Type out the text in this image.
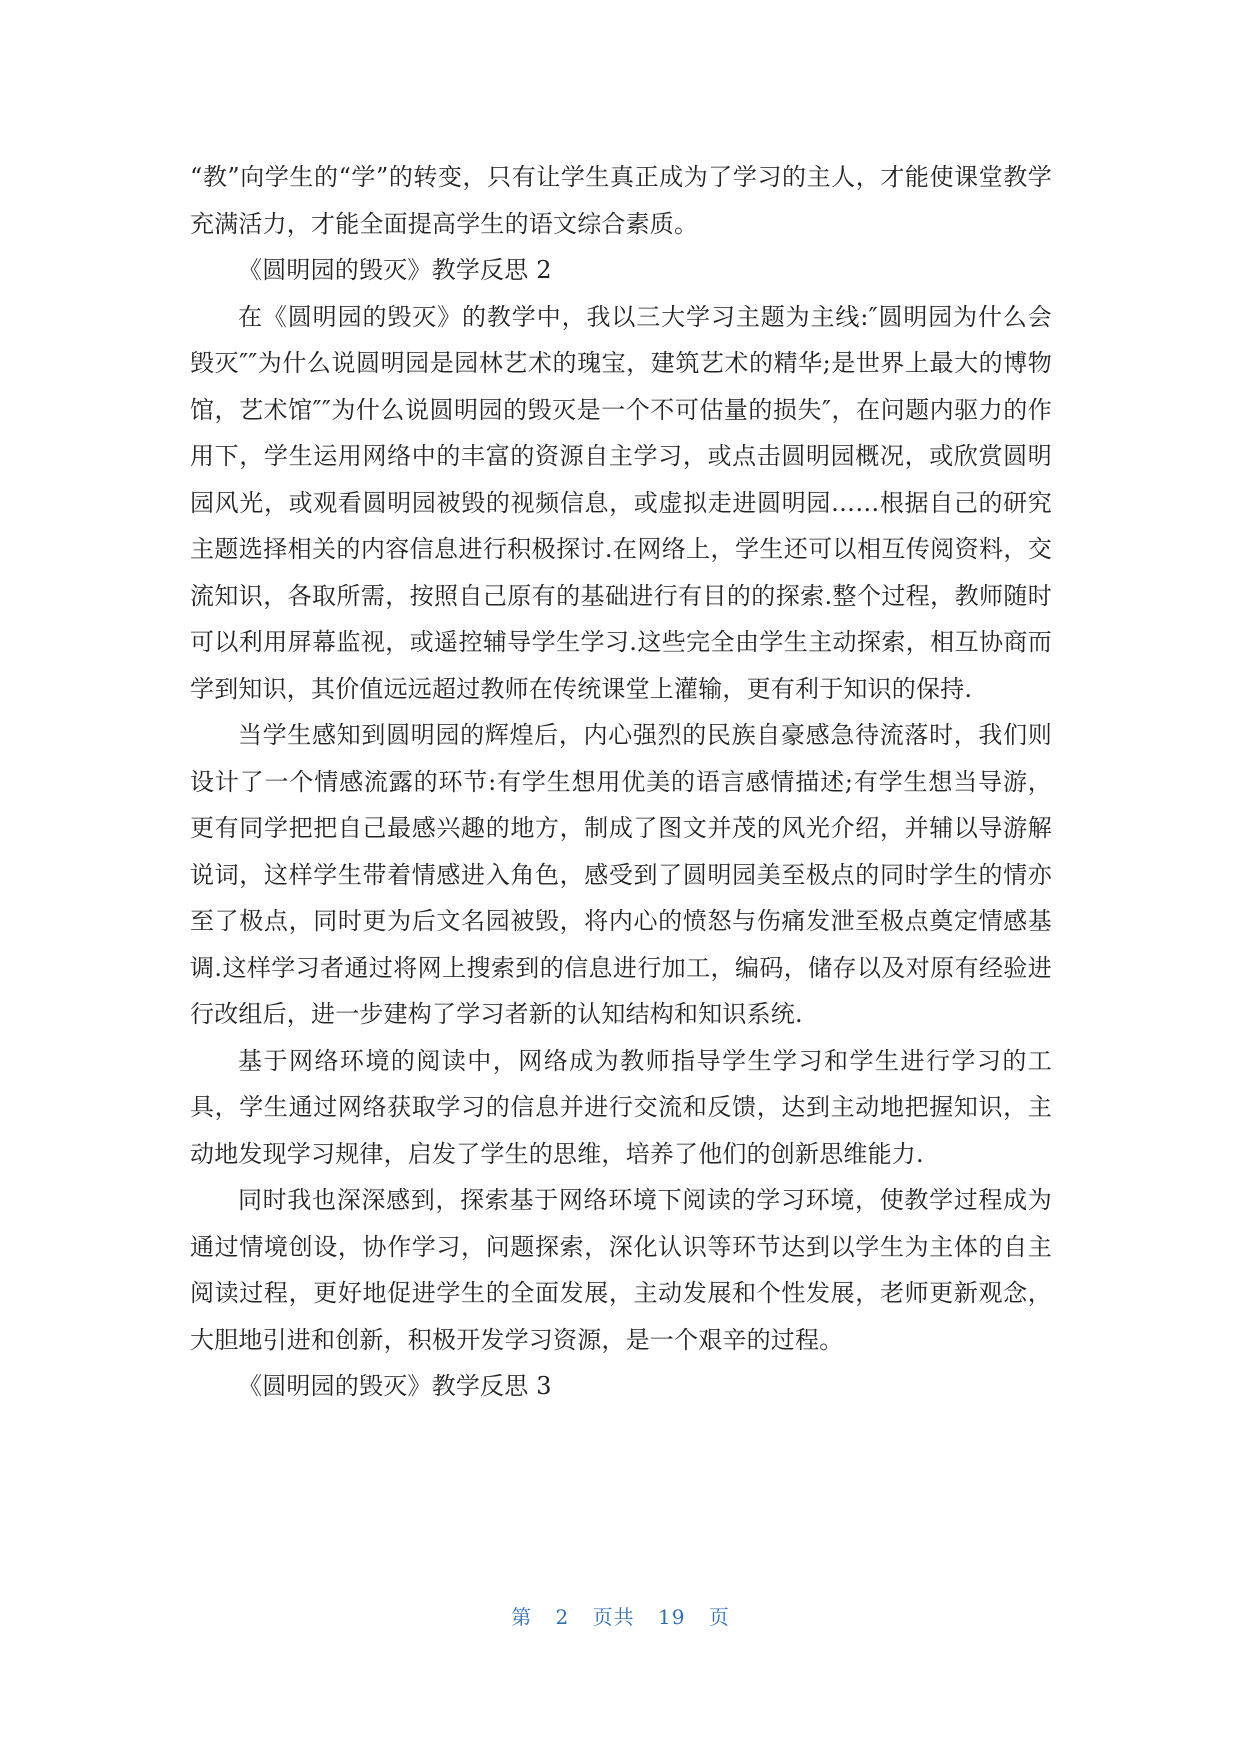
“教”向学生的“学”的转变，只有让学生真正成为了学习的主人，才能使课堂教学充满活力，才能全面提高学生的语文综合素质。

《圆明园的毁灭》教学反思 2

在《圆明园的毁灭》的教学中，我以三大学习主题为主线:″圆明园为什么会毁灭″″为什么说圆明园是园林艺术的瑰宝，建筑艺术的精华;是世界上最大的博物馆，艺术馆″″为什么说圆明园的毁灭是一个不可估量的损失″，在问题内驱力的作用下，学生运用网络中的丰富的资源自主学习，或点击圆明园概况，或欣赏圆明园风光，或观看圆明园被毁的视频信息，或虚拟走进圆明园……根据自己的研究主题选择相关的内容信息进行积极探讨.在网络上，学生还可以相互传阅资料，交流知识，各取所需，按照自己原有的基础进行有目的的探索.整个过程，教师随时可以利用屏幕监视，或遥控辅导学生学习.这些完全由学生主动探索，相互协商而学到知识，其价值远远超过教师在传统课堂上灌输，更有利于知识的保持.

当学生感知到圆明园的辉煌后，内心强烈的民族自豪感急待流落时，我们则设计了一个情感流露的环节:有学生想用优美的语言感情描述;有学生想当导游，更有同学把把自己最感兴趣的地方，制成了图文并茂的风光介绍，并辅以导游解说词，这样学生带着情感进入角色，感受到了圆明园美至极点的同时学生的情亦至了极点，同时更为后文名园被毁，将内心的愤怒与伤痛发泄至极点奠定情感基调.这样学习者通过将网上搜索到的信息进行加工，编码，储存以及对原有经验进行改组后，进一步建构了学习者新的认知结构和知识系统.

基于网络环境的阅读中，网络成为教师指导学生学习和学生进行学习的工具，学生通过网络获取学习的信息并进行交流和反馈，达到主动地把握知识，主动地发现学习规律，启发了学生的思维，培养了他们的创新思维能力.

同时我也深深感到，探索基于网络环境下阅读的学习环境，使教学过程成为通过情境创设，协作学习，问题探索，深化认识等环节达到以学生为主体的自主阅读过程，更好地促进学生的全面发展，主动发展和个性发展，老师更新观念，大胆地引进和创新，积极开发学习资源，是一个艰辛的过程。

《圆明园的毁灭》教学反思 3

第 2 页共 19 页
